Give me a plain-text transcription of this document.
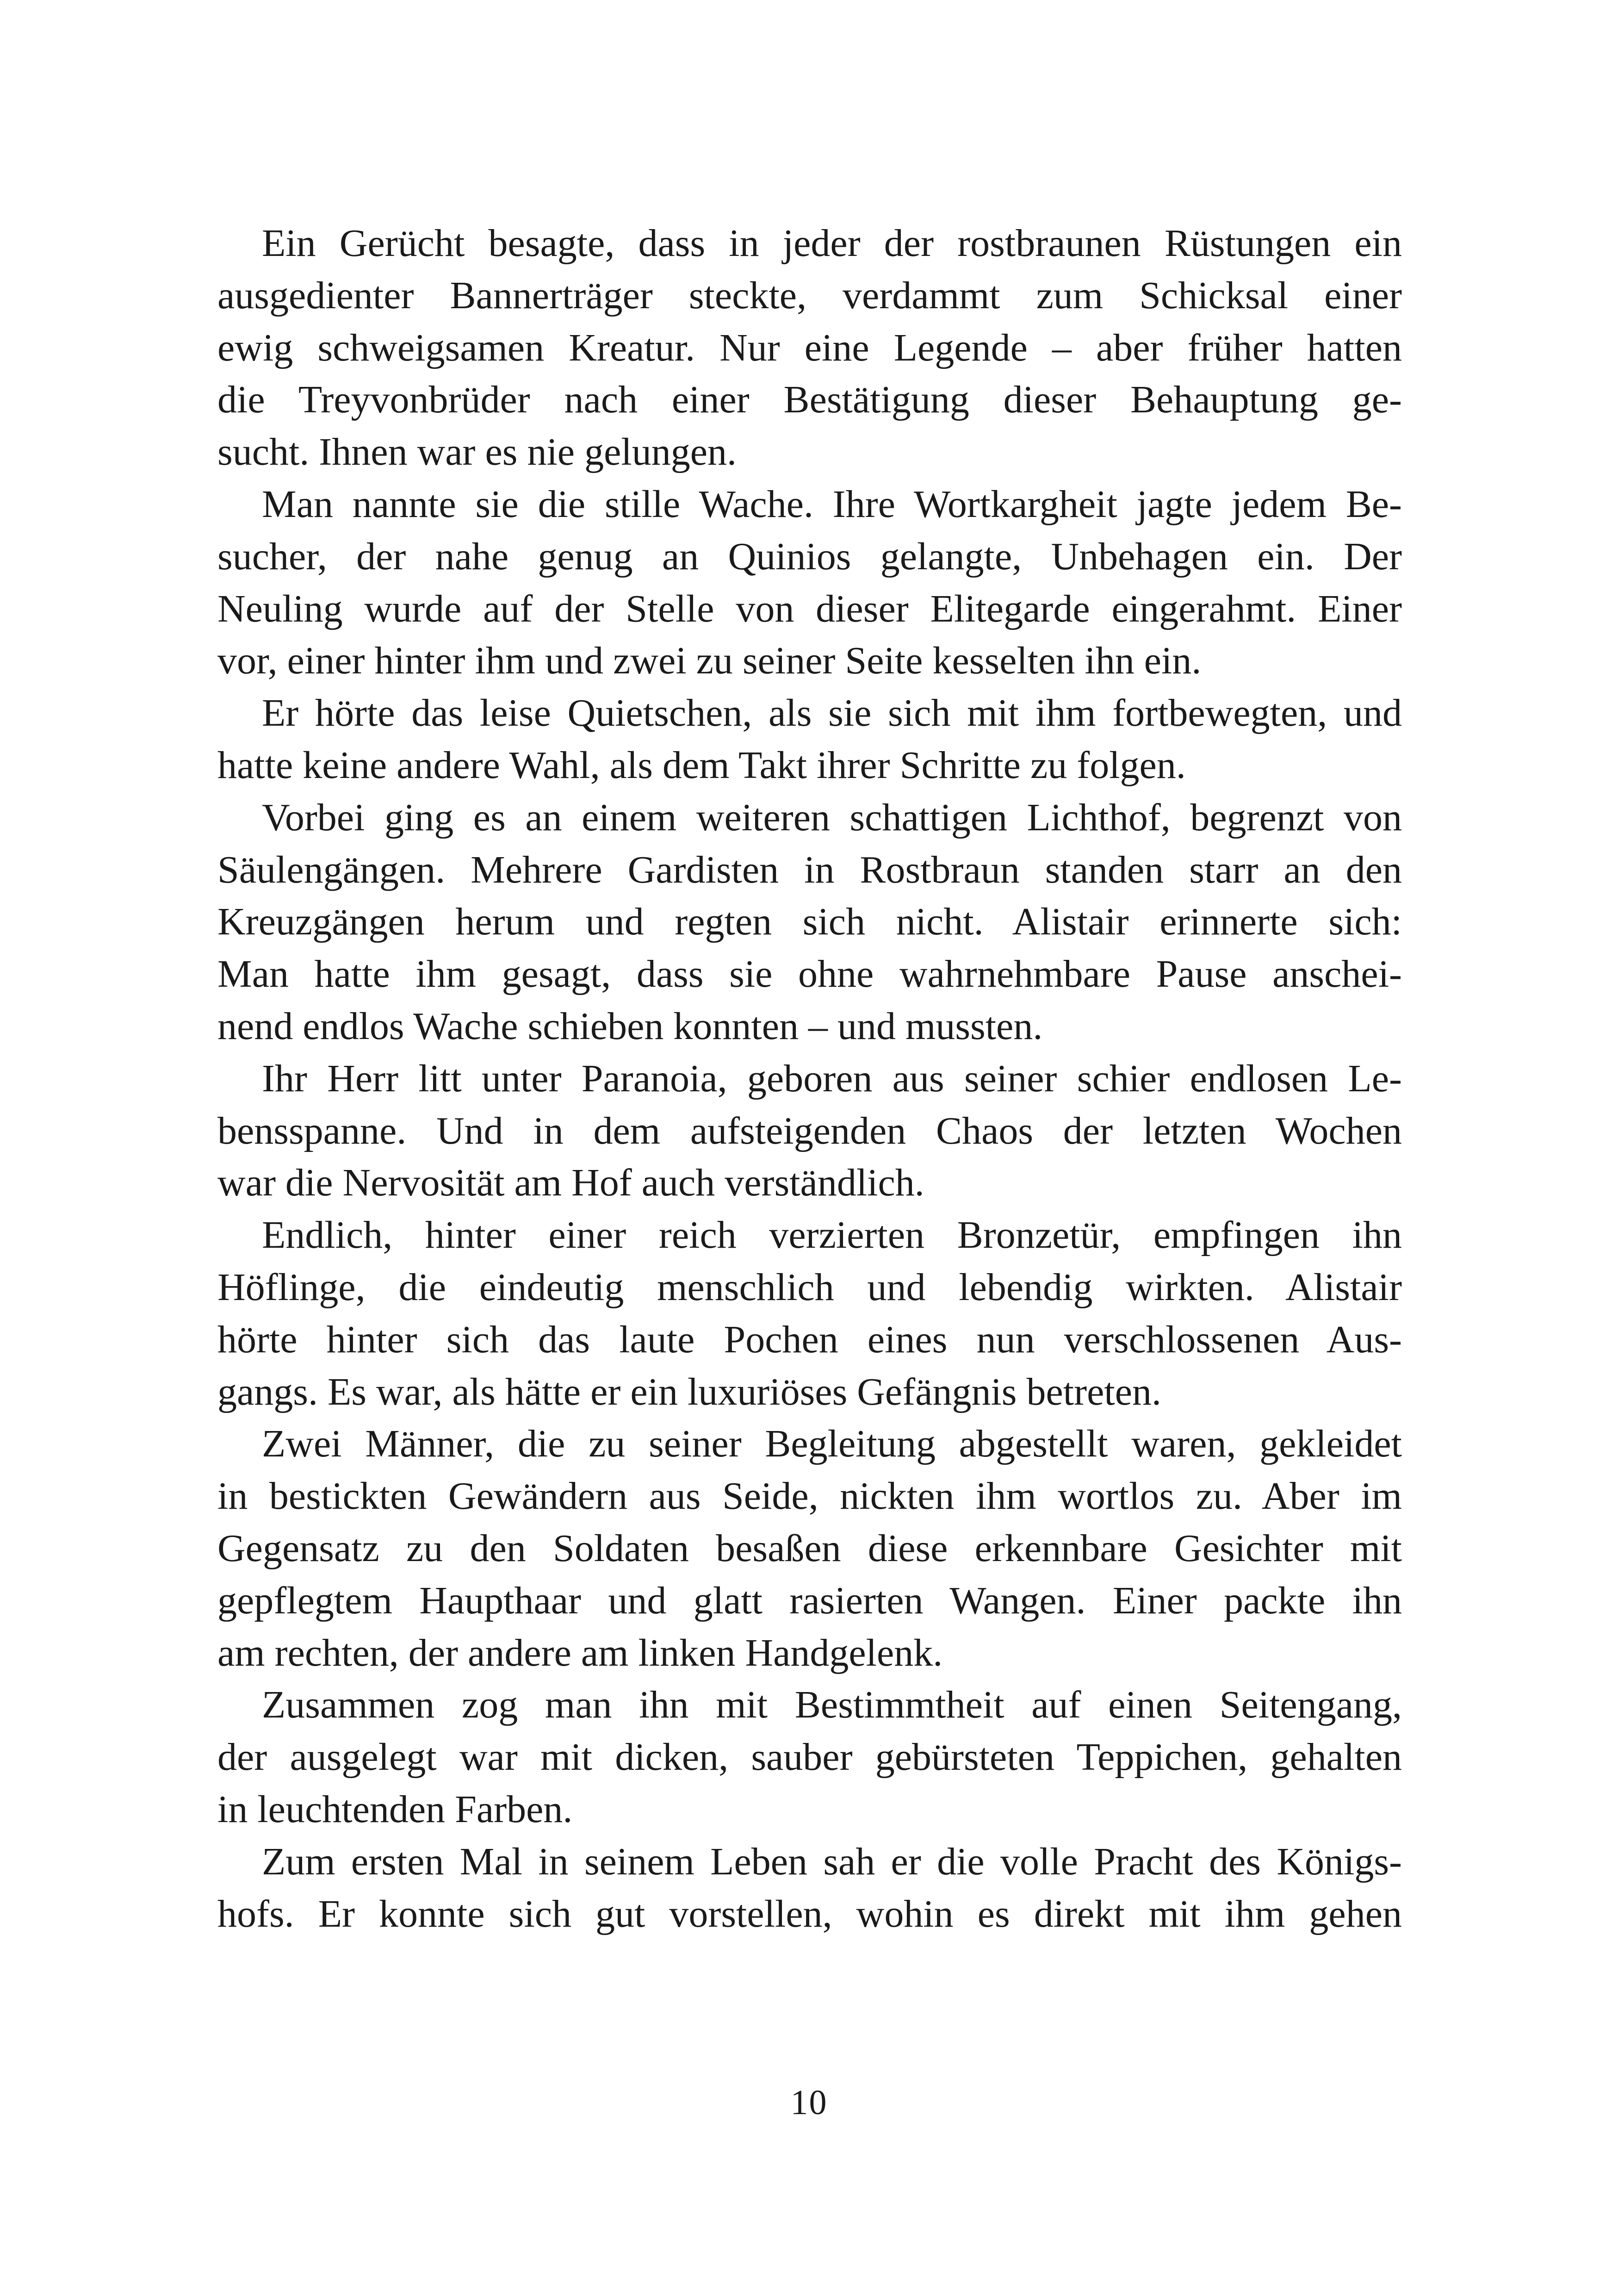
Ein Gerücht besagte, dass in jeder der rostbraunen Rüstungen ein
ausgedienter Bannerträger steckte, verdammt zum Schicksal einer
ewig schweigsamen Kreatur. Nur eine Legende – aber früher hatten
die Treyvonbrüder nach einer Bestätigung dieser Behauptung ge-
sucht. Ihnen war es nie gelungen.
Man nannte sie die stille Wache. Ihre Wortkargheit jagte jedem Be-
sucher, der nahe genug an Quinios gelangte, Unbehagen ein. Der
Neuling wurde auf der Stelle von dieser Elitegarde eingerahmt. Einer
vor, einer hinter ihm und zwei zu seiner Seite kesselten ihn ein.
Er hörte das leise Quietschen, als sie sich mit ihm fortbewegten, und
hatte keine andere Wahl, als dem Takt ihrer Schritte zu folgen.
Vorbei ging es an einem weiteren schattigen Lichthof, begrenzt von
Säulengängen. Mehrere Gardisten in Rostbraun standen starr an den
Kreuzgängen herum und regten sich nicht. Alistair erinnerte sich:
Man hatte ihm gesagt, dass sie ohne wahrnehmbare Pause anschei-
nend endlos Wache schieben konnten – und mussten.
Ihr Herr litt unter Paranoia, geboren aus seiner schier endlosen Le-
bensspanne. Und in dem aufsteigenden Chaos der letzten Wochen
war die Nervosität am Hof auch verständlich.
Endlich, hinter einer reich verzierten Bronzetür, empfingen ihn
Höflinge, die eindeutig menschlich und lebendig wirkten. Alistair
hörte hinter sich das laute Pochen eines nun verschlossenen Aus-
gangs. Es war, als hätte er ein luxuriöses Gefängnis betreten.
Zwei Männer, die zu seiner Begleitung abgestellt waren, gekleidet
in bestickten Gewändern aus Seide, nickten ihm wortlos zu. Aber im
Gegensatz zu den Soldaten besaßen diese erkennbare Gesichter mit
gepflegtem Haupthaar und glatt rasierten Wangen. Einer packte ihn
am rechten, der andere am linken Handgelenk.
Zusammen zog man ihn mit Bestimmtheit auf einen Seitengang,
der ausgelegt war mit dicken, sauber gebürsteten Teppichen, gehalten
in leuchtenden Farben.
Zum ersten Mal in seinem Leben sah er die volle Pracht des Königs-
hofs. Er konnte sich gut vorstellen, wohin es direkt mit ihm gehen
10
